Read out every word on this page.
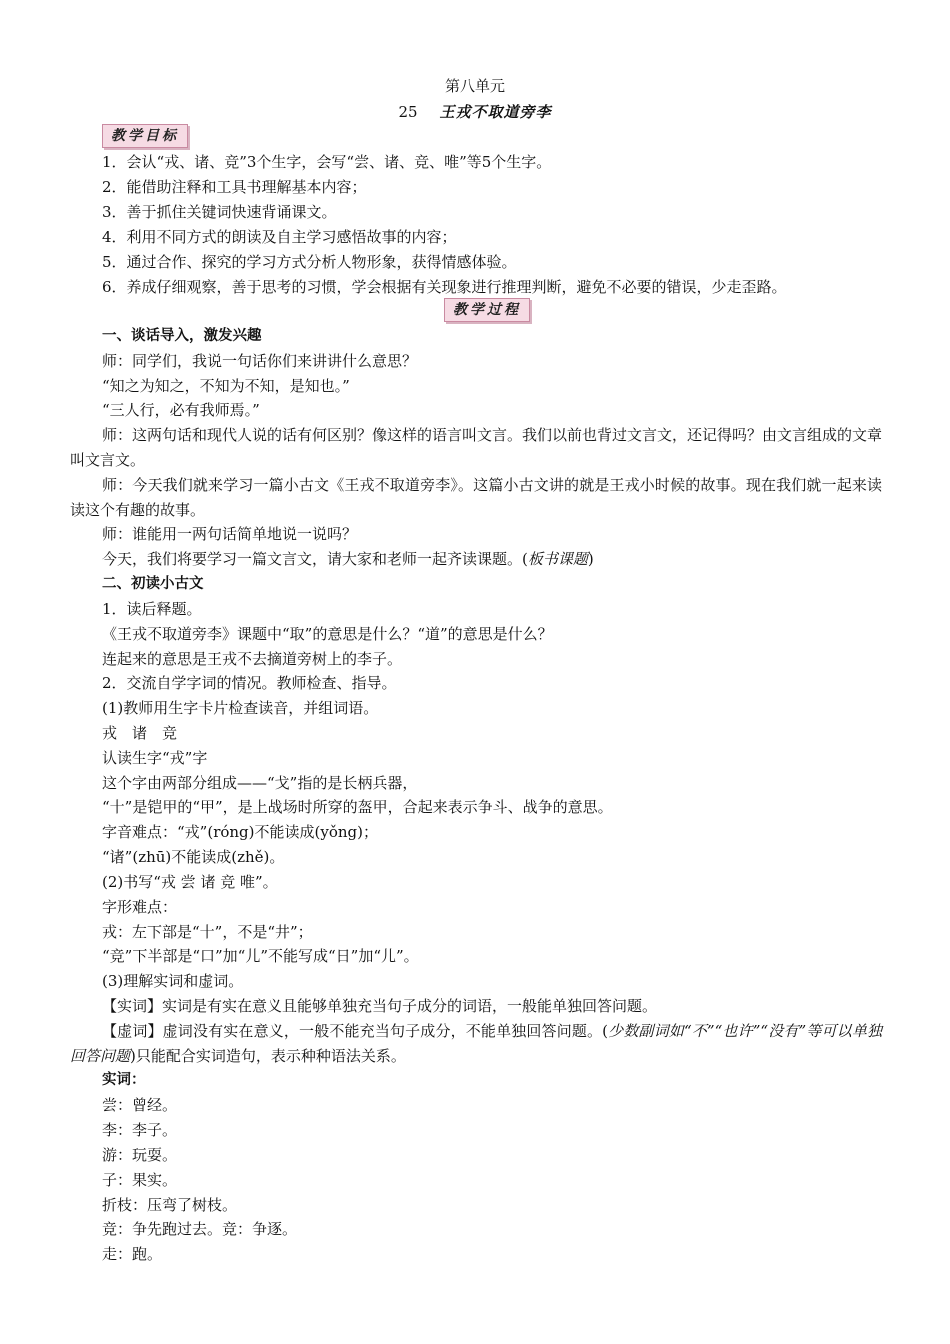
第八单元
25 王戎不取道旁李
教学目标
1．会认“戎、诸、竞”3个生字，会写“尝、诸、竞、唯”等5个生字。
2．能借助注释和工具书理解基本内容；
3．善于抓住关键词快速背诵课文。
4．利用不同方式的朗读及自主学习感悟故事的内容；
5．通过合作、探究的学习方式分析人物形象，获得情感体验。
6．养成仔细观察，善于思考的习惯，学会根据有关现象进行推理判断，避免不必要的错误，少走歪路。
教学过程
一、谈话导入，激发兴趣
师：同学们，我说一句话你们来讲讲什么意思？
“知之为知之，不知为不知，是知也。”
“三人行，必有我师焉。”
师：这两句话和现代人说的话有何区别？像这样的语言叫文言。我们以前也背过文言文，还记得吗？由文言组成的文章叫文言文。
师：今天我们就来学习一篇小古文《王戎不取道旁李》。这篇小古文讲的就是王戎小时候的故事。现在我们就一起来读读这个有趣的故事。
师：谁能用一两句话简单地说一说吗？
今天，我们将要学习一篇文言文，请大家和老师一起齐读课题。(板书课题)
二、初读小古文
1．读后释题。
《王戎不取道旁李》课题中“取”的意思是什么？“道”的意思是什么？
连起来的意思是王戎不去摘道旁树上的李子。
2．交流自学字词的情况。教师检查、指导。
(1)教师用生字卡片检查读音，并组词语。
戎　诸　竞
认读生字“戎”字
这个字由两部分组成——“戈”指的是长柄兵器，
“十”是铠甲的“甲”，是上战场时所穿的盔甲，合起来表示争斗、战争的意思。
字音难点：“戎”(róng)不能读成(yǒng)；
“诸”(zhū)不能读成(zhě)。
(2)书写“戎 尝 诸 竞 唯”。
字形难点：
戎：左下部是“十”，不是“井”；
“竞”下半部是“口”加“儿”不能写成“日”加“儿”。
(3)理解实词和虚词。
【实词】实词是有实在意义且能够单独充当句子成分的词语，一般能单独回答问题。
【虚词】虚词没有实在意义，一般不能充当句子成分，不能单独回答问题。(少数副词如“不”“也许”“没有”等可以单独回答问题)只能配合实词造句，表示种种语法关系。
实词：
尝：曾经。
李：李子。
游：玩耍。
子：果实。
折枝：压弯了树枝。
竞：争先跑过去。竞：争逐。
走：跑。
